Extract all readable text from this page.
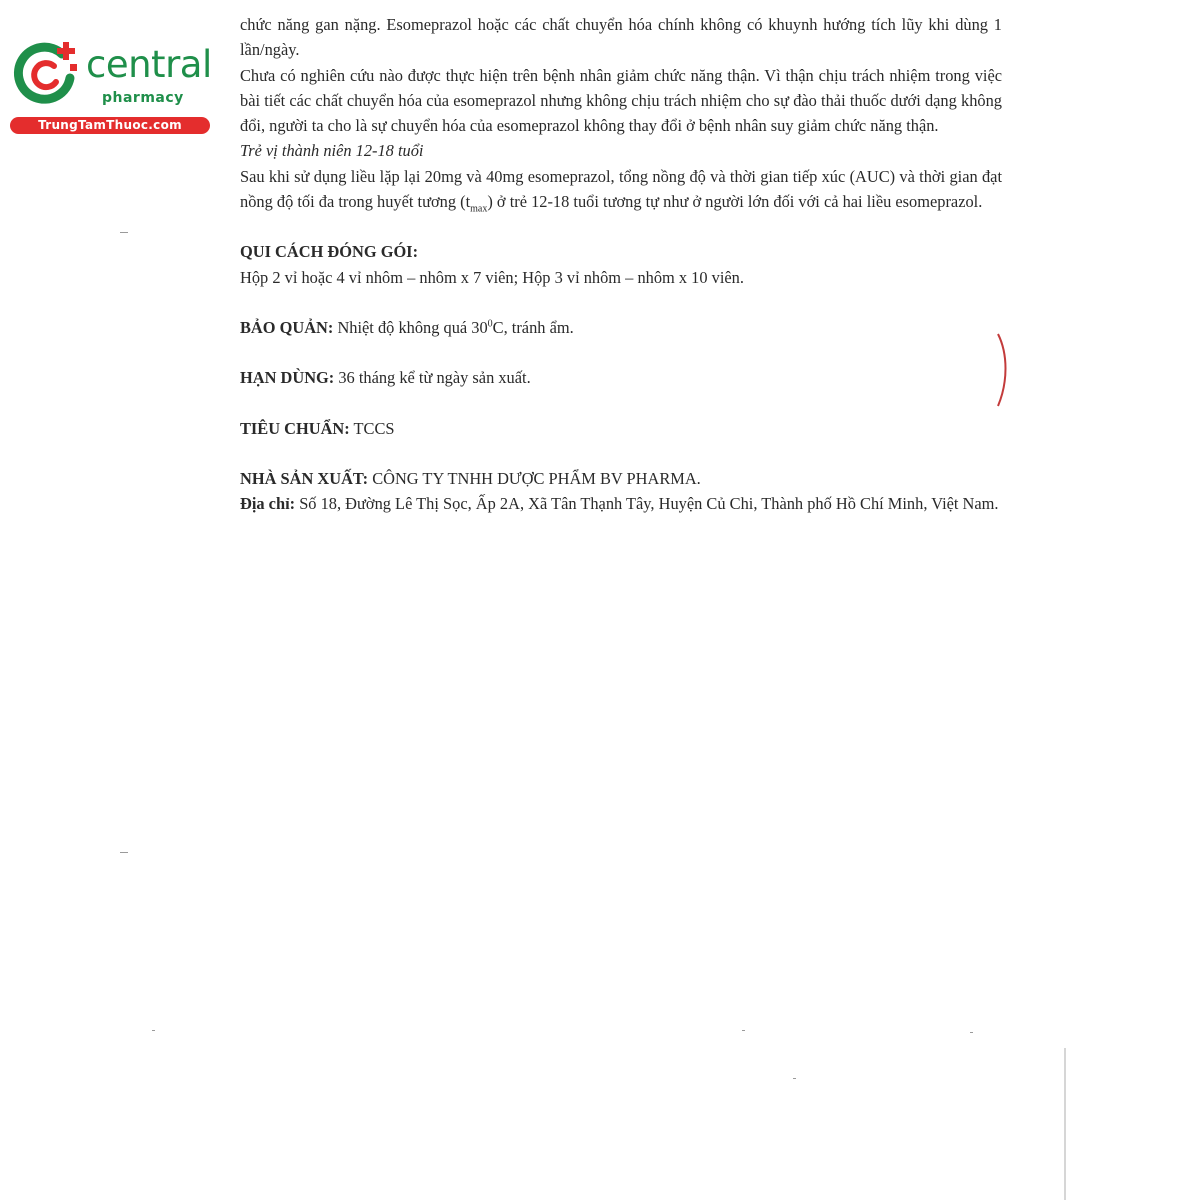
central
pharmacy
TrungTamThuoc.com

chức năng gan nặng. Esomeprazol hoặc các chất chuyển hóa chính không có khuynh hướng tích lũy khi dùng 1 lần/ngày.

Chưa có nghiên cứu nào được thực hiện trên bệnh nhân giảm chức năng thận. Vì thận chịu trách nhiệm trong việc bài tiết các chất chuyển hóa của esomeprazol nhưng không chịu trách nhiệm cho sự đào thải thuốc dưới dạng không đổi, người ta cho là sự chuyển hóa của esomeprazol không thay đổi ở bệnh nhân suy giảm chức năng thận.

Trẻ vị thành niên 12-18 tuổi

Sau khi sử dụng liều lặp lại 20mg và 40mg esomeprazol, tổng nồng độ và thời gian tiếp xúc (AUC) và thời gian đạt nồng độ tối đa trong huyết tương $(t_{max})$ ở trẻ 12-18 tuổi tương tự như ở người lớn đối với cả hai liều esomeprazol.

QUI CÁCH ĐÓNG GÓI:

Hộp 2 vỉ hoặc 4 vỉ nhôm – nhôm x 7 viên; Hộp 3 vỉ nhôm – nhôm x 10 viên.

BẢO QUẢN: Nhiệt độ không quá $30^0C$, tránh ẩm.

HẠN DÙNG: 36 tháng kể từ ngày sản xuất.

TIÊU CHUẨN: TCCS

NHÀ SẢN XUẤT: CÔNG TY TNHH DƯỢC PHẨM BV PHARMA.

Địa chỉ: Số 18, Đường Lê Thị Sọc, Ấp 2A, Xã Tân Thạnh Tây, Huyện Củ Chi, Thành phố Hồ Chí Minh, Việt Nam.
